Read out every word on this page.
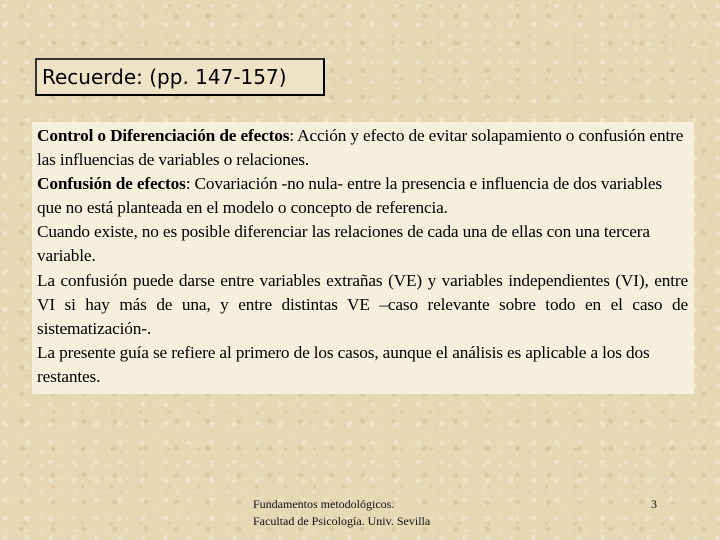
Recuerde: (pp. 147-157)

Control o Diferenciación de efectos: Acción y efecto de evitar solapamiento o confusión entre las influencias de variables o relaciones.

Confusión de efectos: Covariación -no nula- entre la presencia e influencia de dos variables que no está planteada en el modelo o concepto de referencia.

Cuando existe, no es posible diferenciar las relaciones de cada una de ellas con una tercera variable.

La confusión puede darse entre variables extrañas (VE) y variables independientes (VI), entre VI si hay más de una, y entre distintas VE –caso relevante sobre todo en el caso de sistematización-.

La presente guía se refiere al primero de los casos, aunque el análisis es aplicable a los dos restantes.

Fundamentos metodológicos.
Facultad de Psicología. Univ. Sevilla
3
